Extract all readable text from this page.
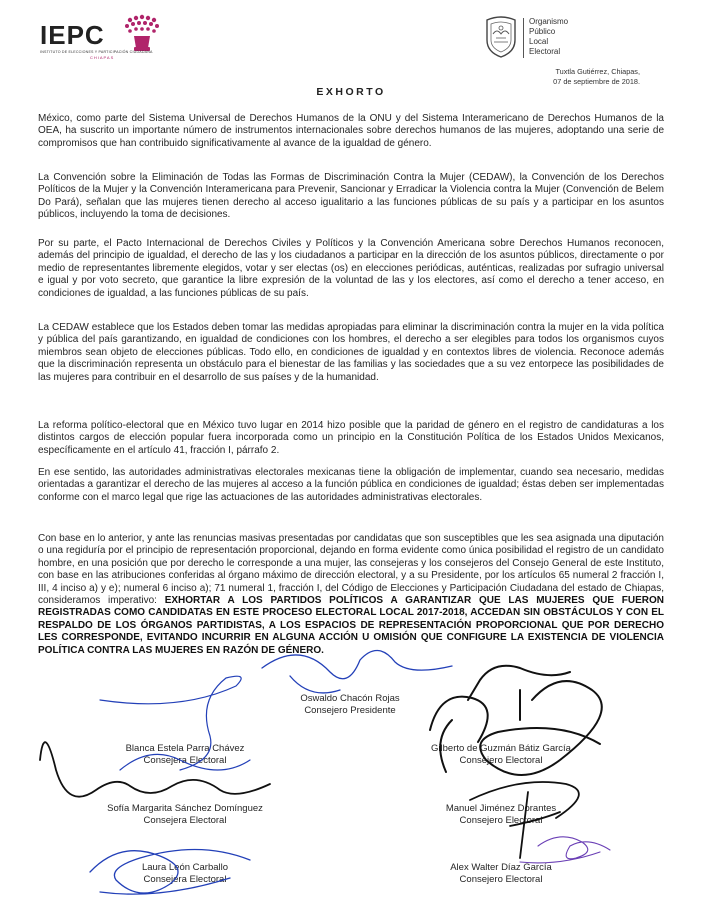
IEPC
INSTITUTO DE ELECCIONES Y PARTICIPACIÓN CIUDADANA
CHIAPAS
Organismo
Público
Local
Electoral
Tuxtla Gutiérrez, Chiapas,
07 de septiembre de 2018.
EXHORTO

México, como parte del Sistema Universal de Derechos Humanos de la ONU y del Sistema Interamericano de Derechos Humanos de la OEA, ha suscrito un importante número de instrumentos internacionales sobre derechos humanos de las mujeres, adoptando una serie de compromisos que han contribuido significativamente al avance de la igualdad de género.

La Convención sobre la Eliminación de Todas las Formas de Discriminación Contra la Mujer (CEDAW), la Convención de los Derechos Políticos de la Mujer y la Convención Interamericana para Prevenir, Sancionar y Erradicar la Violencia contra la Mujer (Convención de Belem Do Pará), señalan que las mujeres tienen derecho al acceso igualitario a las funciones públicas de su país y a participar en los asuntos públicos, incluyendo la toma de decisiones.

Por su parte, el Pacto Internacional de Derechos Civiles y Políticos y la Convención Americana sobre Derechos Humanos reconocen, además del principio de igualdad, el derecho de las y los ciudadanos a participar en la dirección de los asuntos públicos, directamente o por medio de representantes libremente elegidos, votar y ser electas (os) en elecciones periódicas, auténticas, realizadas por sufragio universal e igual y por voto secreto, que garantice la libre expresión de la voluntad de las y los electores, así como el derecho a tener acceso, en condiciones de igualdad, a las funciones públicas de su país.

La CEDAW establece que los Estados deben tomar las medidas apropiadas para eliminar la discriminación contra la mujer en la vida política y pública del país garantizando, en igualdad de condiciones con los hombres, el derecho a ser elegibles para todos los organismos cuyos miembros sean objeto de elecciones públicas. Todo ello, en condiciones de igualdad y en contextos libres de violencia. Reconoce además que la discriminación representa un obstáculo para el bienestar de las familias y las sociedades que a su vez entorpece las posibilidades de las mujeres para contribuir en el desarrollo de sus países y de la humanidad.

La reforma político-electoral que en México tuvo lugar en 2014 hizo posible que la paridad de género en el registro de candidaturas a los distintos cargos de elección popular fuera incorporada como un principio en la Constitución Política de los Estados Unidos Mexicanos, específicamente en el artículo 41, fracción I, párrafo 2.

En ese sentido, las autoridades administrativas electorales mexicanas tiene la obligación de implementar, cuando sea necesario, medidas orientadas a garantizar el derecho de las mujeres al acceso a la función pública en condiciones de igualdad; éstas deben ser implementadas conforme con el marco legal que rige las actuaciones de las autoridades administrativas electorales.

Con base en lo anterior, y ante las renuncias masivas presentadas por candidatas que son susceptibles que les sea asignada una diputación o una regiduría por el principio de representación proporcional, dejando en forma evidente como única posibilidad el registro de un candidato hombre, en una posición que por derecho le corresponde a una mujer, las consejeras y los consejeros del Consejo General de este Instituto, con base en las atribuciones conferidas al órgano máximo de dirección electoral, y a su Presidente, por los artículos 65 numeral 2 fracción I, III, 4 inciso a) y e); numeral 6 inciso a); 71 numeral 1, fracción I, del Código de Elecciones y Participación Ciudadana del estado de Chiapas, consideramos imperativo: EXHORTAR A LOS PARTIDOS POLÍTICOS A GARANTIZAR QUE LAS MUJERES QUE FUERON REGISTRADAS COMO CANDIDATAS EN ESTE PROCESO ELECTORAL LOCAL 2017-2018, ACCEDAN SIN OBSTÁCULOS Y CON EL RESPALDO DE LOS ÓRGANOS PARTIDISTAS, A LOS ESPACIOS DE REPRESENTACIÓN PROPORCIONAL QUE POR DERECHO LES CORRESPONDE, EVITANDO INCURRIR EN ALGUNA ACCIÓN U OMISIÓN QUE CONFIGURE LA EXISTENCIA DE VIOLENCIA POLÍTICA CONTRA LAS MUJERES EN RAZÓN DE GÉNERO.

Oswaldo Chacón Rojas
Consejero Presidente
Blanca Estela Parra Chávez
Consejera Electoral
Gilberto de Guzmán Bátiz García
Consejero Electoral
Sofía Margarita Sánchez Domínguez
Consejera Electoral
Manuel Jiménez Dorantes
Consejero Electoral
Laura León Carballo
Consejera Electoral
Alex Walter Díaz García
Consejero Electoral
